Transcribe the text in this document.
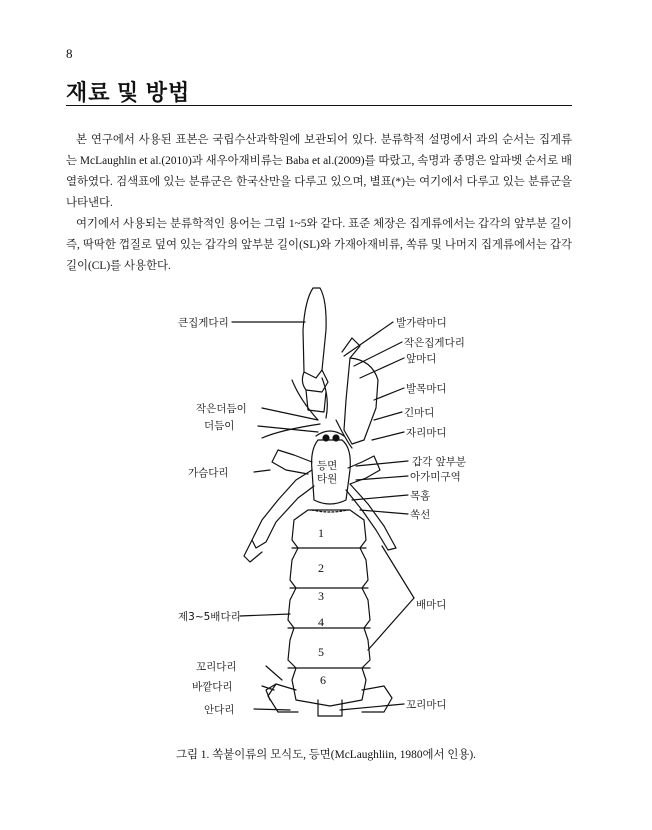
8
재료 및 방법

본 연구에서 사용된 표본은 국립수산과학원에 보관되어 있다. 분류학적 설명에서 과의 순서는 집게류는 McLaughlin et al.(2010)과 새우아재비류는 Baba et al.(2009)를 따랐고, 속명과 종명은 알파벳 순서로 배열하였다. 검색표에 있는 분류군은 한국산만을 다루고 있으며, 별표(*)는 여기에서 다루고 있는 분류군을 나타낸다.

여기에서 사용되는 분류학적인 용어는 그림 1~5와 같다. 표준 체장은 집게류에서는 갑각의 앞부분 길이 즉, 딱딱한 껍질로 덮여 있는 갑각의 앞부분 길이(SL)와 가재아재비류, 쏙류 및 나머지 집게류에서는 갑각 길이(CL)를 사용한다.

1
2
3
4
5
6
등면
타원
큰집게다리
작은더듬이
더듬이
가슴다리
제3~5배다리
꼬리다리
바깥다리
안다리
발가락마디
작은집게다리
앞마디
발목마디
긴마디
자리마디
갑각 앞부분
아가미구역
목홈
쏙선
배마디
꼬리마디
그림 1. 쏙붙이류의 모식도, 등면(McLaughliin, 1980에서 인용).
